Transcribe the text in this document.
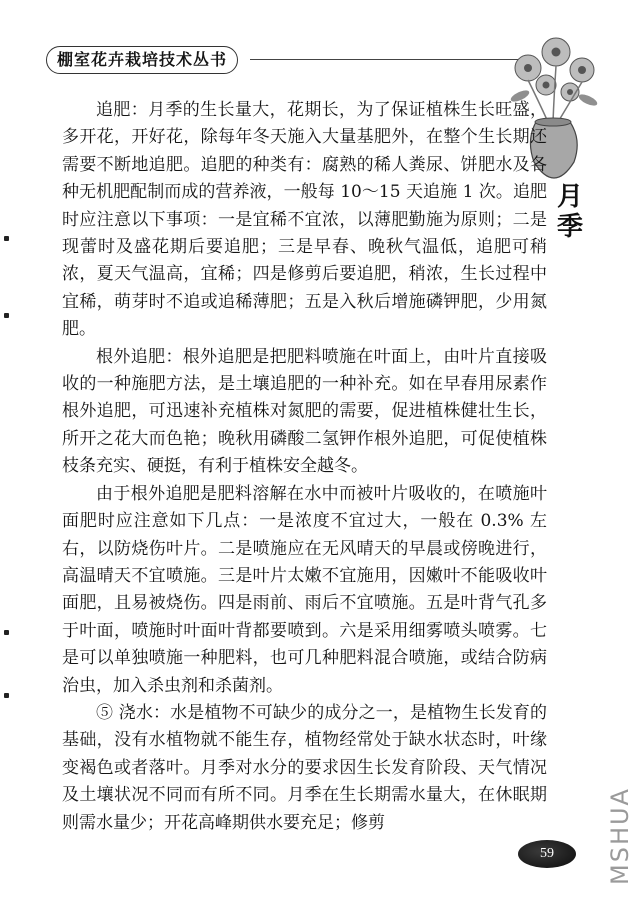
棚室花卉栽培技术丛书
月季

追肥：月季的生长量大，花期长，为了保证植株生长旺盛，多开花，开好花，除每年冬天施入大量基肥外，在整个生长期还需要不断地追肥。追肥的种类有：腐熟的稀人粪尿、饼肥水及各种无机肥配制而成的营养液，一般每 10～15 天追施 1 次。追肥时应注意以下事项：一是宜稀不宜浓，以薄肥勤施为原则；二是现蕾时及盛花期后要追肥；三是早春、晚秋气温低，追肥可稍浓，夏天气温高，宜稀；四是修剪后要追肥，稍浓，生长过程中宜稀，萌芽时不追或追稀薄肥；五是入秋后增施磷钾肥，少用氮肥。

根外追肥：根外追肥是把肥料喷施在叶面上，由叶片直接吸收的一种施肥方法，是土壤追肥的一种补充。如在早春用尿素作根外追肥，可迅速补充植株对氮肥的需要，促进植株健壮生长，所开之花大而色艳；晚秋用磷酸二氢钾作根外追肥，可促使植株枝条充实、硬挺，有利于植株安全越冬。

由于根外追肥是肥料溶解在水中而被叶片吸收的，在喷施叶面肥时应注意如下几点：一是浓度不宜过大，一般在 0.3% 左右，以防烧伤叶片。二是喷施应在无风晴天的早晨或傍晚进行，高温晴天不宜喷施。三是叶片太嫩不宜施用，因嫩叶不能吸收叶面肥，且易被烧伤。四是雨前、雨后不宜喷施。五是叶背气孔多于叶面，喷施时叶面叶背都要喷到。六是采用细雾喷头喷雾。七是可以单独喷施一种肥料，也可几种肥料混合喷施，或结合防病治虫，加入杀虫剂和杀菌剂。

⑤ 浇水：水是植物不可缺少的成分之一，是植物生长发育的基础，没有水植物就不能生存，植物经常处于缺水状态时，叶缘变褐色或者落叶。月季对水分的要求因生长发育阶段、天气情况及土壤状况不同而有所不同。月季在生长期需水量大，在休眠期则需水量少；开花高峰期供水要充足；修剪

59	MSHUA
